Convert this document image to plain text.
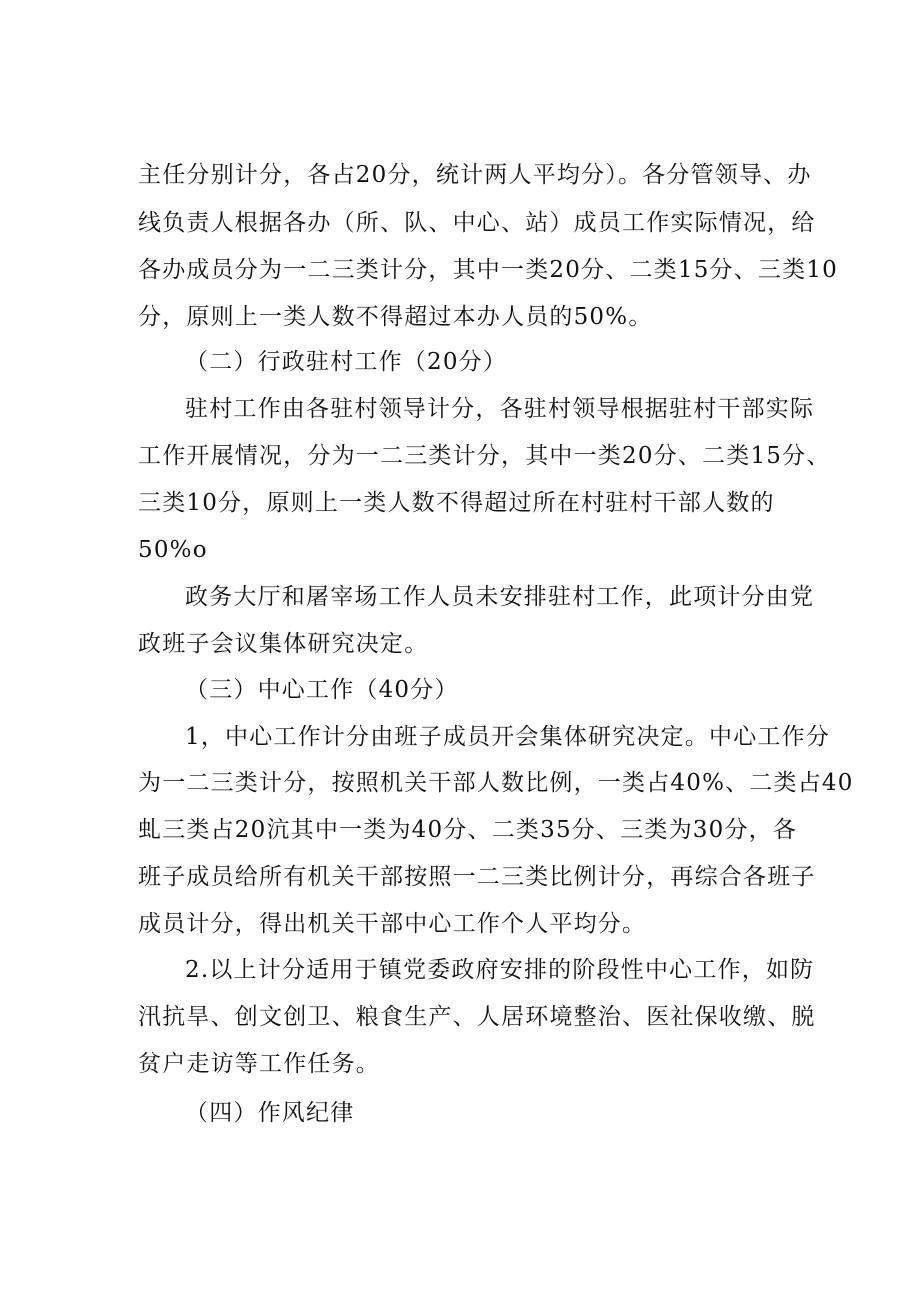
主任分别计分，各占20分，统计两人平均分）。各分管领导、办
线负责人根据各办（所、队、中心、站）成员工作实际情况，给
各办成员分为一二三类计分，其中一类20分、二类15分、三类10
分，原则上一类人数不得超过本办人员的50%。
（二）行政驻村工作（20分）
驻村工作由各驻村领导计分，各驻村领导根据驻村干部实际
工作开展情况，分为一二三类计分，其中一类20分、二类15分、
三类10分，原则上一类人数不得超过所在村驻村干部人数的
50%o
政务大厅和屠宰场工作人员未安排驻村工作，此项计分由党
政班子会议集体研究决定。
（三）中心工作（40分）
1，中心工作计分由班子成员开会集体研究决定。中心工作分
为一二三类计分，按照机关干部人数比例，一类占40%、二类占40
虬三类占20沆其中一类为40分、二类35分、三类为30分，各
班子成员给所有机关干部按照一二三类比例计分，再综合各班子
成员计分，得出机关干部中心工作个人平均分。
2.以上计分适用于镇党委政府安排的阶段性中心工作，如防
汛抗旱、创文创卫、粮食生产、人居环境整治、医社保收缴、脱
贫户走访等工作任务。
（四）作风纪律
